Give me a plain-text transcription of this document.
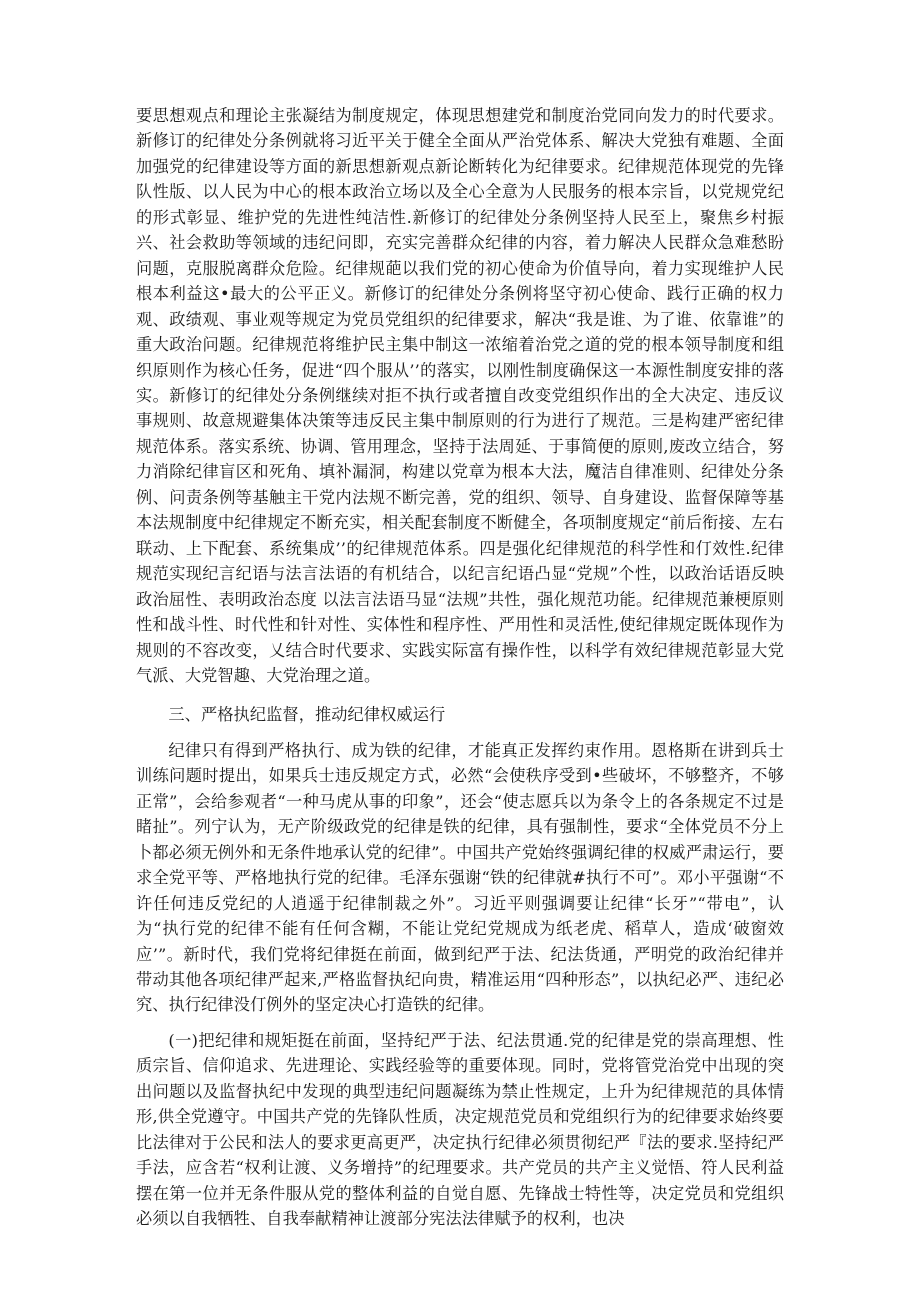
要思想观点和理论主张凝结为制度规定，体现思想建党和制度治党同向发力的时代要求。新修订的纪律处分条例就将习近平关于健全全面从严治党体系、解决大党独有难题、全面加强党的纪律建设等方面的新思想新观点新论断转化为纪律要求。纪律规范体现党的先锋队性版、以人民为中心的根本政治立场以及全心全意为人民服务的根本宗旨，以党规党纪的形式彰显、维护党的先进性纯洁性.新修订的纪律处分条例坚持人民至上，聚焦乡村振兴、社会救助等领域的违纪问即，充实完善群众纪律的内容，着力解决人民群众急难愁盼问题，克服脱离群众危险。纪律规葩以我们党的初心使命为价值导向，着力实现维护人民根本利益这•最大的公平正义。新修订的纪律处分条例将坚守初心使命、践行正确的权力观、政绩观、事业观等规定为党员党组织的纪律要求，解决“我是谁、为了谁、依靠谁”的重大政治问题。纪律规范将维护民主集中制这一浓缩着治党之道的党的根本领导制度和组织原则作为核心任务，促进“四个服从’’的落实，以刚性制度确保这一本源性制度安排的落实。新修订的纪律处分条例继续对拒不执行或者擅自改变党组织作出的全大决定、违反议事规则、故意规避集体决策等违反民主集中制原则的行为进行了规范。三是构建严密纪律规范体系。落实系统、协调、管用理念，坚持于法周延、于事简便的原则,废改立结合，努力消除纪律盲区和死角、填补漏洞，构建以党章为根本大法，魔洁自律准则、纪律处分条例、问责条例等基触主干党内法规不断完善，党的组织、领导、自身建设、监督保障等基本法规制度中纪律规定不断充实，相关配套制度不断健全，各项制度规定“前后衔接、左右联动、上下配套、系统集成’’的纪律规范体系。四是强化纪律规范的科学性和仃效性.纪律规范实现纪言纪语与法言法语的有机结合，以纪言纪语凸显“党规”个性，以政治话语反映政治屈性、表明政治态度 以法言法语马显“法规”共性，强化规范功能。纪律规范兼梗原则性和战斗性、时代性和针对性、实体性和程序性、严用性和灵活性,使纪律规定既体现作为规则的不容改变，乂结合时代要求、实践实际富有操作性，以科学有效纪律规范彰显大党气派、大党智趣、大党治理之道。

三、严格执纪监督，推动纪律权威运行

纪律只有得到严格执行、成为铁的纪律，才能真正发挥约束作用。恩格斯在讲到兵士训练问题时提出，如果兵士违反规定方式，必然“会使秩序受到•些破坏，不够整齐，不够正常”，会给参观者“一种马虎从事的印象”，还会“使志愿兵以为条令上的各条规定不过是睹扯”。列宁认为，无产阶级政党的纪律是铁的纪律，具有强制性，要求“全体党员不分上卜都必须无例外和无条件地承认党的纪律”。中国共产党始终强调纪律的权威严肃运行，要求全党平等、严格地执行党的纪律。毛泽东强谢“铁的纪律就#执行不可”。邓小平强谢“不许任何违反党纪的人逍遥于纪律制裁之外”。习近平则强调要让纪律“长牙”“带电”，认为“执行党的纪律不能有任何含糊，不能让党纪党规成为纸老虎、稻草人，造成‘破窗效应’”。新时代，我们党将纪律挺在前面，做到纪严于法、纪法货通，严明党的政治纪律并带动其他各项纪律严起来,严格监督执纪向贵，精准运用“四种形态”，以执纪必严、违纪必究、执行纪律没仃例外的坚定决心打造铁的纪律。

(一)把纪律和规矩挺在前面，坚持纪严于法、纪法贯通.党的纪律是党的崇高理想、性质宗旨、信仰追求、先进理论、实践经验等的重要体现。同时，党将管党治党中出现的突出问题以及监督执纪中发现的典型违纪问题凝练为禁止性规定，上升为纪律规范的具体情形,供全党遵守。中国共产党的先锋队性质，决定规范党员和党组织行为的纪律要求始终要比法律对于公民和法人的要求更高更严，决定执行纪律必须贯彻纪严『法的要求.坚持纪严手法，应含若“权利让渡、义务增持”的纪理要求。共产党员的共产主义觉悟、符人民利益摆在第一位并无条件服从党的整体利益的自觉自愿、先锋战士特性等，决定党员和党组织必须以自我牺牲、自我奉献精神让渡部分宪法法律赋予的权利，也决
